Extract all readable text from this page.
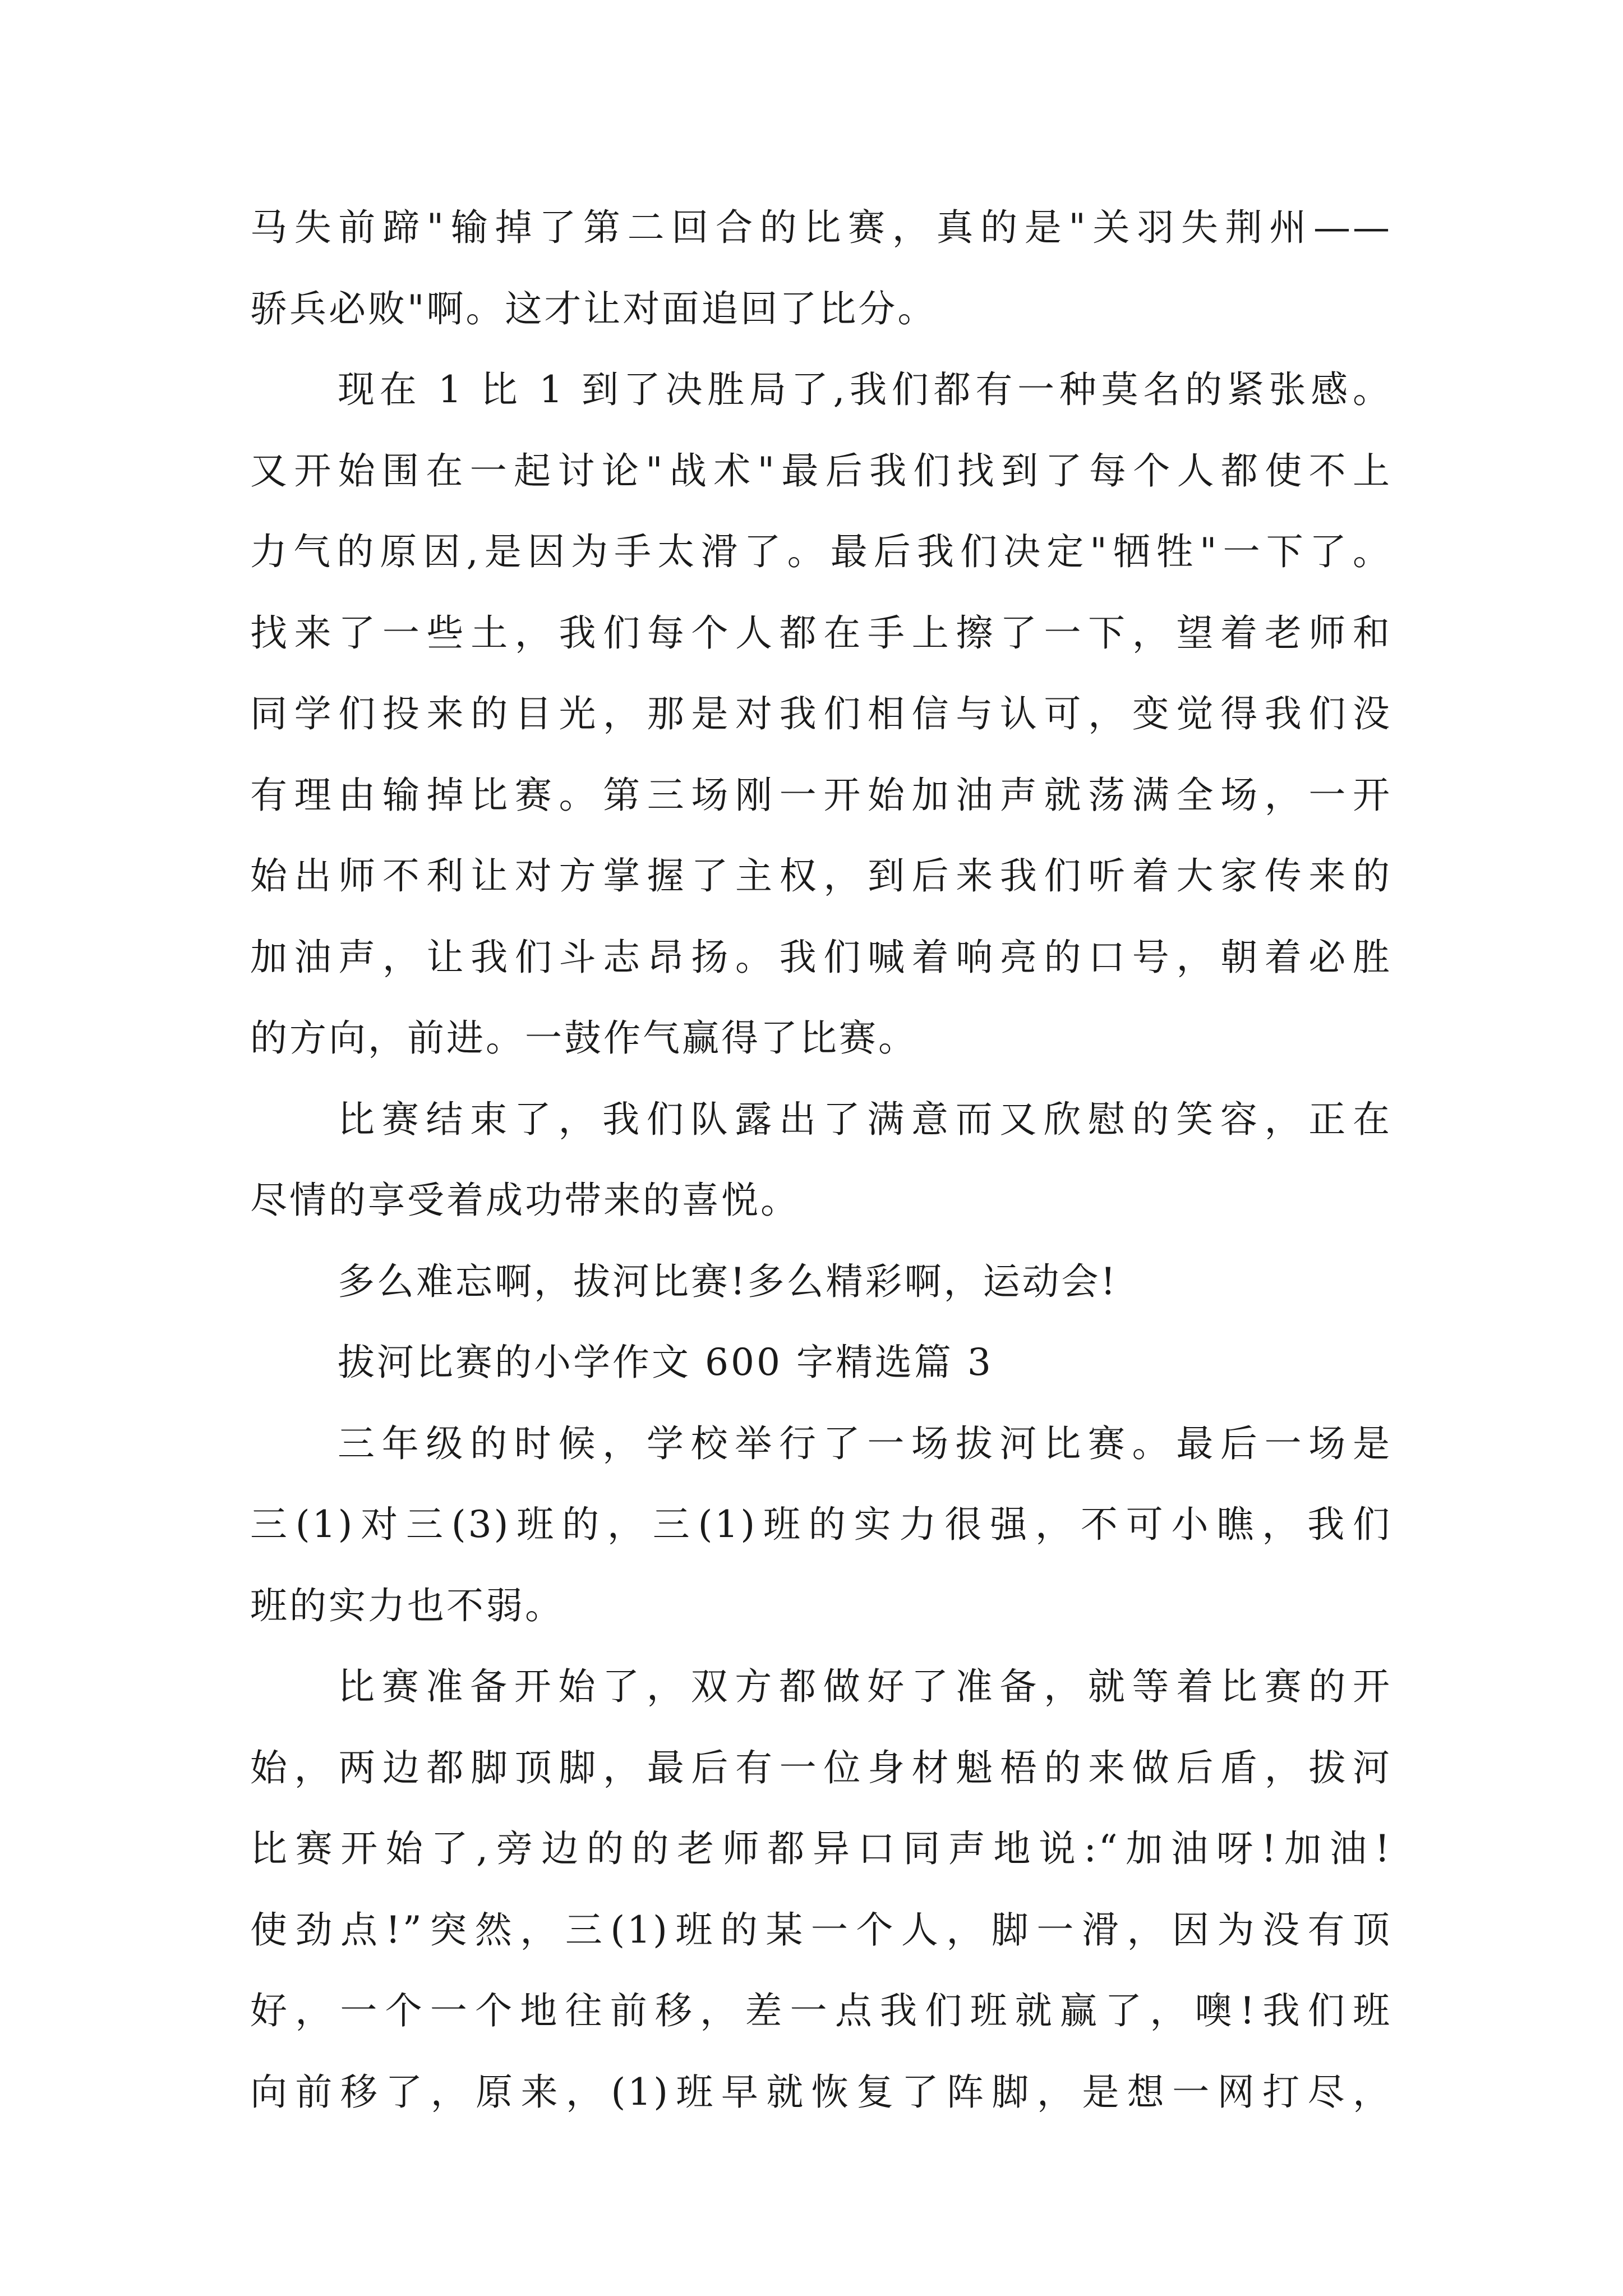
马失前蹄"输掉了第二回合的比赛，真的是"关羽失荆州——
骄兵必败"啊。这才让对面追回了比分。
现在 1 比 1 到了决胜局了,我们都有一种莫名的紧张感。
又开始围在一起讨论"战术"最后我们找到了每个人都使不上
力气的原因,是因为手太滑了。最后我们决定"牺牲"一下了。
找来了一些土，我们每个人都在手上擦了一下，望着老师和
同学们投来的目光，那是对我们相信与认可，变觉得我们没
有理由输掉比赛。第三场刚一开始加油声就荡满全场，一开
始出师不利让对方掌握了主权，到后来我们听着大家传来的
加油声，让我们斗志昂扬。我们喊着响亮的口号，朝着必胜
的方向，前进。一鼓作气赢得了比赛。
比赛结束了，我们队露出了满意而又欣慰的笑容，正在
尽情的享受着成功带来的喜悦。
多么难忘啊，拔河比赛!多么精彩啊，运动会!
拔河比赛的小学作文 600 字精选篇 3
三年级的时候，学校举行了一场拔河比赛。最后一场是
三(1)对三(3)班的，三(1)班的实力很强，不可小瞧，我们
班的实力也不弱。
比赛准备开始了，双方都做好了准备，就等着比赛的开
始，两边都脚顶脚，最后有一位身材魁梧的来做后盾，拔河
比赛开始了,旁边的的老师都异口同声地说:“加油呀!加油!
使劲点!”突然，三(1)班的某一个人，脚一滑，因为没有顶
好，一个一个地往前移，差一点我们班就赢了，噢!我们班
向前移了，原来，(1)班早就恢复了阵脚，是想一网打尽，
